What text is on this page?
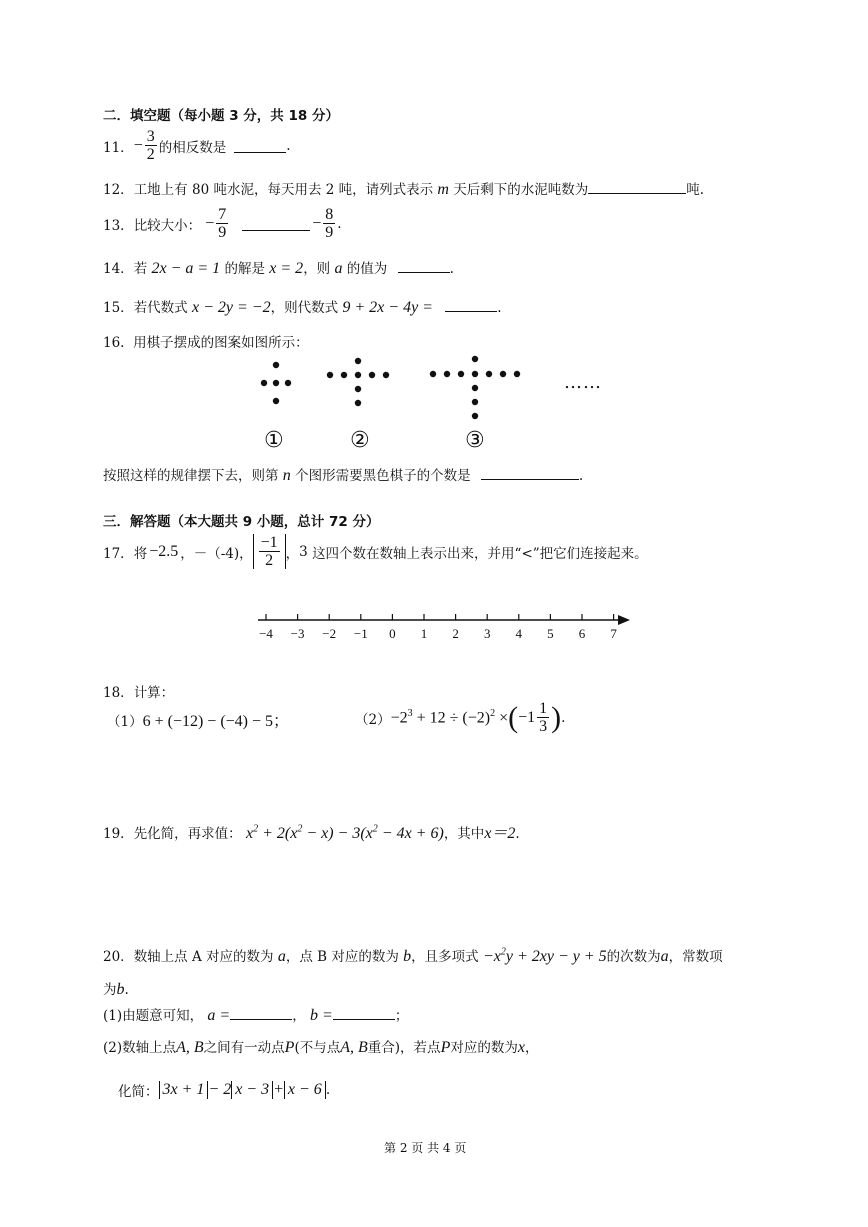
二．填空题（每小题 3 分，共 18 分）
11． − $\frac{3}{2}$ 的相反数是	.
12．工地上有 80 吨水泥，每天用去 2 吨，请列式表示 m 天后剩下的水泥吨数为	吨.
13． 比较大小： − $\frac{7}{9}$	− $\frac{8}{9}$ .
14．若 2x − a = 1 的解是 x = 2，则 a 的值为	.
15．若代数式 x − 2y = −2，则代数式 9 + 2x − 4y =	.
16. 用棋子摆成的图案如图所示：
……
①	②	③
按照这样的规律摆下去，则第 n 个图形需要黑色棋子的个数是	.
三．解答题（本大题共 9 小题，总计 72 分）
17． 将 −2.5 ， －（-4) ， $\frac{-1}{2}$ ， 3
这四个数在数轴上表示出来，并用“<”把它们连接起来。
−4 −3 −2 −1 0 1 2 3 4 5 6 7
18．计算：
（1）6 + (−12) − (−4) − 5；	$(2) -2^3 + 12 \div (-2)^2$ × ( $-1 \frac{1}{3}$ ) .
19．先化简，再求值： $x^2 + 2(x^2 - x) - 3(x^2 - 4x + 6)$，其中x＝2.
20．数轴上点 A 对应的数为 a，点 B 对应的数为 b，且多项式 $-x^2y + 2xy - y + 5$的次数为a，常数项
为b.
(1)由题意可知， a =	， b =	；
(2)数轴上点A, B之间有一动点P(不与点A, B重合)，若点P对应的数为x，
化简： 3x + 1 − 2 x − 3 + x − 6 .
第 2 页 共 4 页
